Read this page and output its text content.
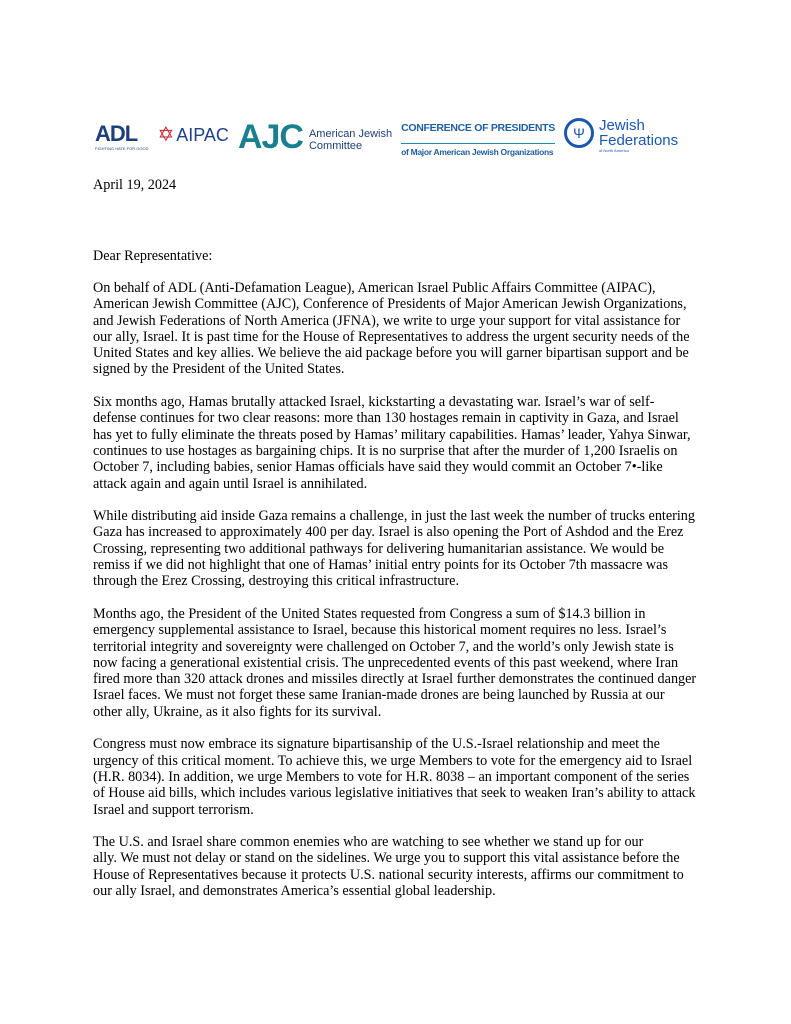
ADL
FIGHTING HATE FOR GOOD
✡ AIPAC AJC American Jewish
Committee
CONFERENCE OF PRESIDENTS
of Major American Jewish Organizations
Ψ Jewish
Federations
of North America
April 19, 2024
Dear Representative:
On behalf of ADL (Anti-Defamation League), American Israel Public Affairs Committee (AIPAC),
American Jewish Committee (AJC), Conference of Presidents of Major American Jewish Organizations,
and Jewish Federations of North America (JFNA), we write to urge your support for vital assistance for
our ally, Israel. It is past time for the House of Representatives to address the urgent security needs of the
United States and key allies. We believe the aid package before you will garner bipartisan support and be
signed by the President of the United States.
Six months ago, Hamas brutally attacked Israel, kickstarting a devastating war. Israel’s war of self-
defense continues for two clear reasons: more than 130 hostages remain in captivity in Gaza, and Israel
has yet to fully eliminate the threats posed by Hamas’ military capabilities. Hamas’ leader, Yahya Sinwar,
continues to use hostages as bargaining chips. It is no surprise that after the murder of 1,200 Israelis on
October 7, including babies, senior Hamas officials have said they would commit an October 7•-like
attack again and again until Israel is annihilated.
While distributing aid inside Gaza remains a challenge, in just the last week the number of trucks entering
Gaza has increased to approximately 400 per day. Israel is also opening the Port of Ashdod and the Erez
Crossing, representing two additional pathways for delivering humanitarian assistance. We would be
remiss if we did not highlight that one of Hamas’ initial entry points for its October 7th massacre was
through the Erez Crossing, destroying this critical infrastructure.
Months ago, the President of the United States requested from Congress a sum of $14.3 billion in
emergency supplemental assistance to Israel, because this historical moment requires no less. Israel’s
territorial integrity and sovereignty were challenged on October 7, and the world’s only Jewish state is
now facing a generational existential crisis. The unprecedented events of this past weekend, where Iran
fired more than 320 attack drones and missiles directly at Israel further demonstrates the continued danger
Israel faces. We must not forget these same Iranian-made drones are being launched by Russia at our
other ally, Ukraine, as it also fights for its survival.
Congress must now embrace its signature bipartisanship of the U.S.-Israel relationship and meet the
urgency of this critical moment. To achieve this, we urge Members to vote for the emergency aid to Israel
(H.R. 8034). In addition, we urge Members to vote for H.R. 8038 – an important component of the series
of House aid bills, which includes various legislative initiatives that seek to weaken Iran’s ability to attack
Israel and support terrorism.
The U.S. and Israel share common enemies who are watching to see whether we stand up for our
ally. We must not delay or stand on the sidelines. We urge you to support this vital assistance before the
House of Representatives because it protects U.S. national security interests, affirms our commitment to
our ally Israel, and demonstrates America’s essential global leadership.
